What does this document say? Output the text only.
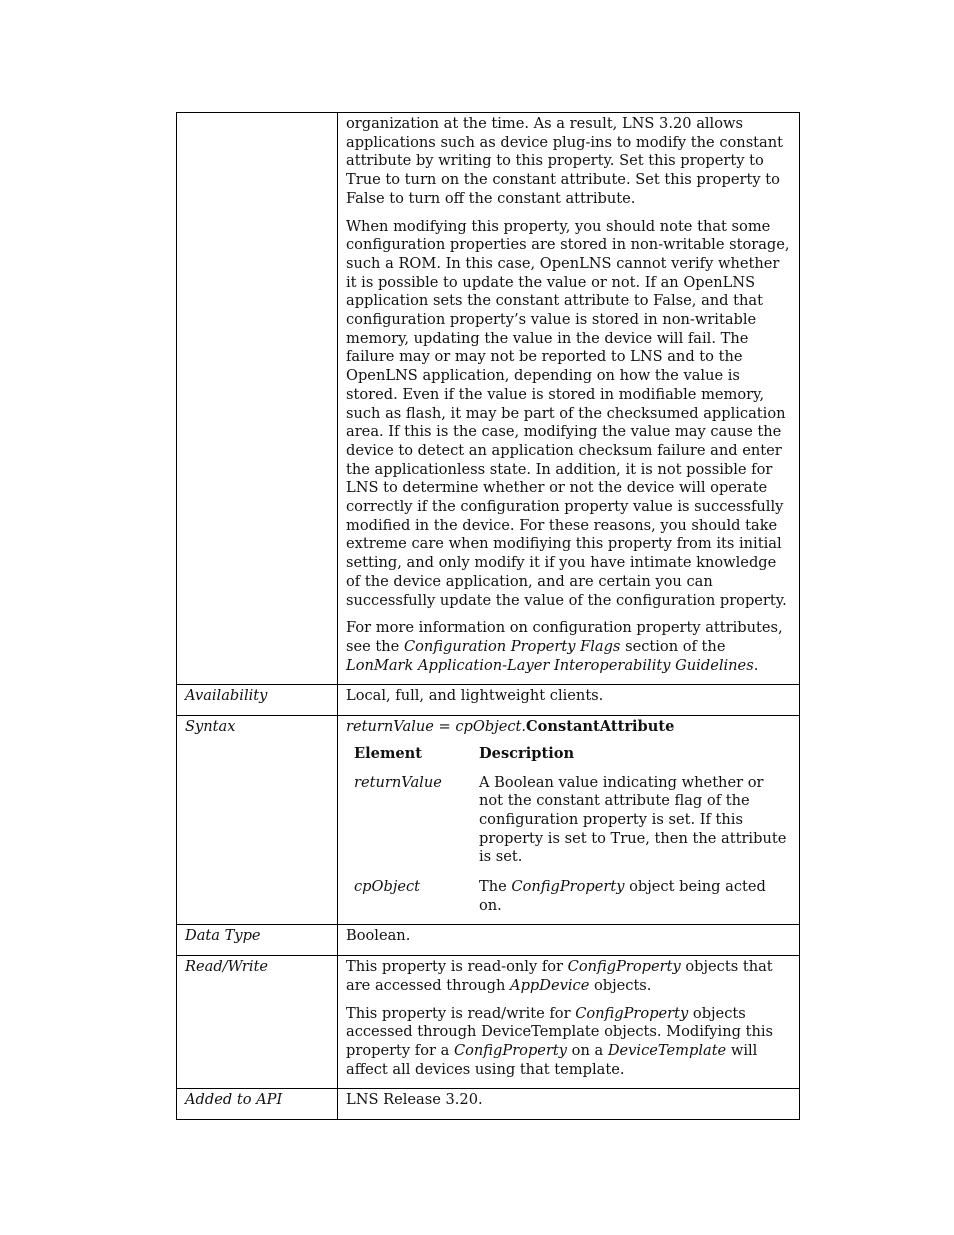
organization at the time. As a result, LNS 3.20 allows applications such as device plug-ins to modify the constant attribute by writing to this property. Set this property to True to turn on the constant attribute. Set this property to False to turn off the constant attribute.

When modifying this property, you should note that some configuration properties are stored in non-writable storage, such a ROM. In this case, OpenLNS cannot verify whether it is possible to update the value or not. If an OpenLNS application sets the constant attribute to False, and that configuration property’s value is stored in non-writable memory, updating the value in the device will fail. The failure may or may not be reported to LNS and to the OpenLNS application, depending on how the value is stored. Even if the value is stored in modifiable memory, such as flash, it may be part of the checksumed application area. If this is the case, modifying the value may cause the device to detect an application checksum failure and enter the applicationless state. In addition, it is not possible for LNS to determine whether or not the device will operate correctly if the configuration property value is successfully modified in the device. For these reasons, you should take extreme care when modifiying this property from its initial setting, and only modify it if you have intimate knowledge of the device application, and are certain you can successfully update the value of the configuration property.

For more information on configuration property attributes, see the Configuration Property Flags section of the LonMark Application-Layer Interoperability Guidelines.

Availability	Local, full, and lightweight clients.
Syntax	returnValue = cpObject.ConstantAttribute
Element	Description
returnValue	A Boolean value indicating whether or not the constant attribute flag of the configuration property is set. If this property is set to True, then the attribute is set.
cpObject	The ConfigProperty object being acted on.

Data Type	Boolean.
Read/Write	This property is read-only for ConfigProperty objects that are accessed through AppDevice objects.

This property is read/write for ConfigProperty objects accessed through DeviceTemplate objects. Modifying this property for a ConfigProperty on a DeviceTemplate will affect all devices using that template.

Added to API	LNS Release 3.20.
